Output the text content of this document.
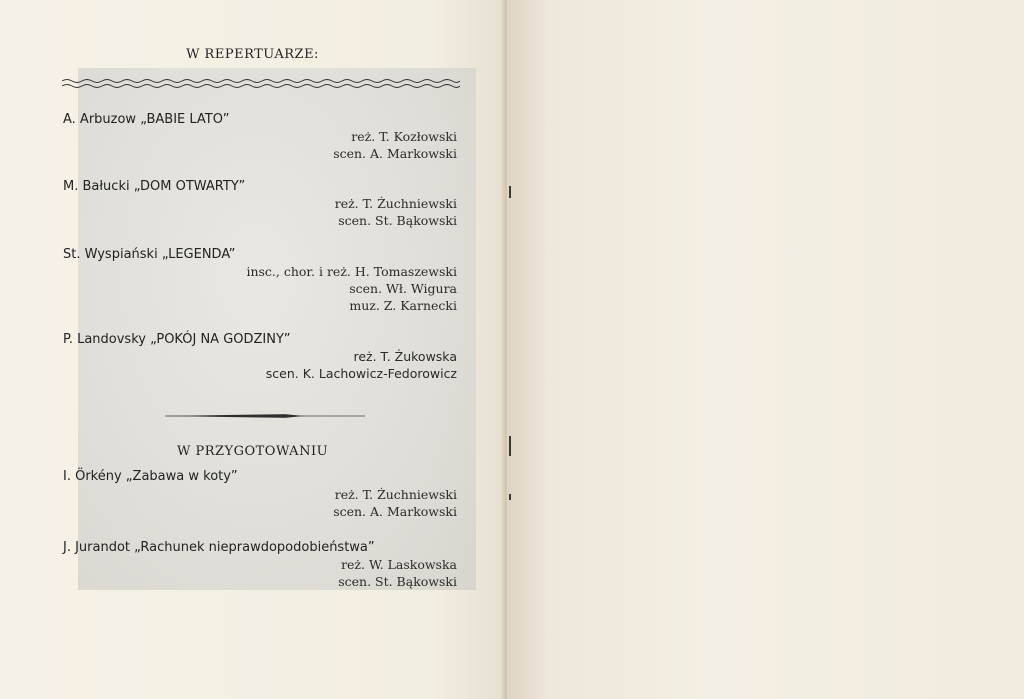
W REPERTUARZE:
A. Arbuzow „BABIE LATO”
reż. T. Kozłowski
scen. A. Markowski
M. Bałucki „DOM OTWARTY”
reż. T. Żuchniewski
scen. St. Bąkowski
St. Wyspiański „LEGENDA”
insc., chor. i reż. H. Tomaszewski
scen. Wł. Wigura
muz. Z. Karnecki
P. Landovsky „POKÓJ NA GODZINY”
reż. T. Żukowska
scen. K. Lachowicz-Fedorowicz
W PRZYGOTOWANIU
I. Örkény „Zabawa w koty”
reż. T. Żuchniewski
scen. A. Markowski
J. Jurandot „Rachunek nieprawdopodobieństwa”
reż. W. Laskowska
scen. St. Bąkowski
